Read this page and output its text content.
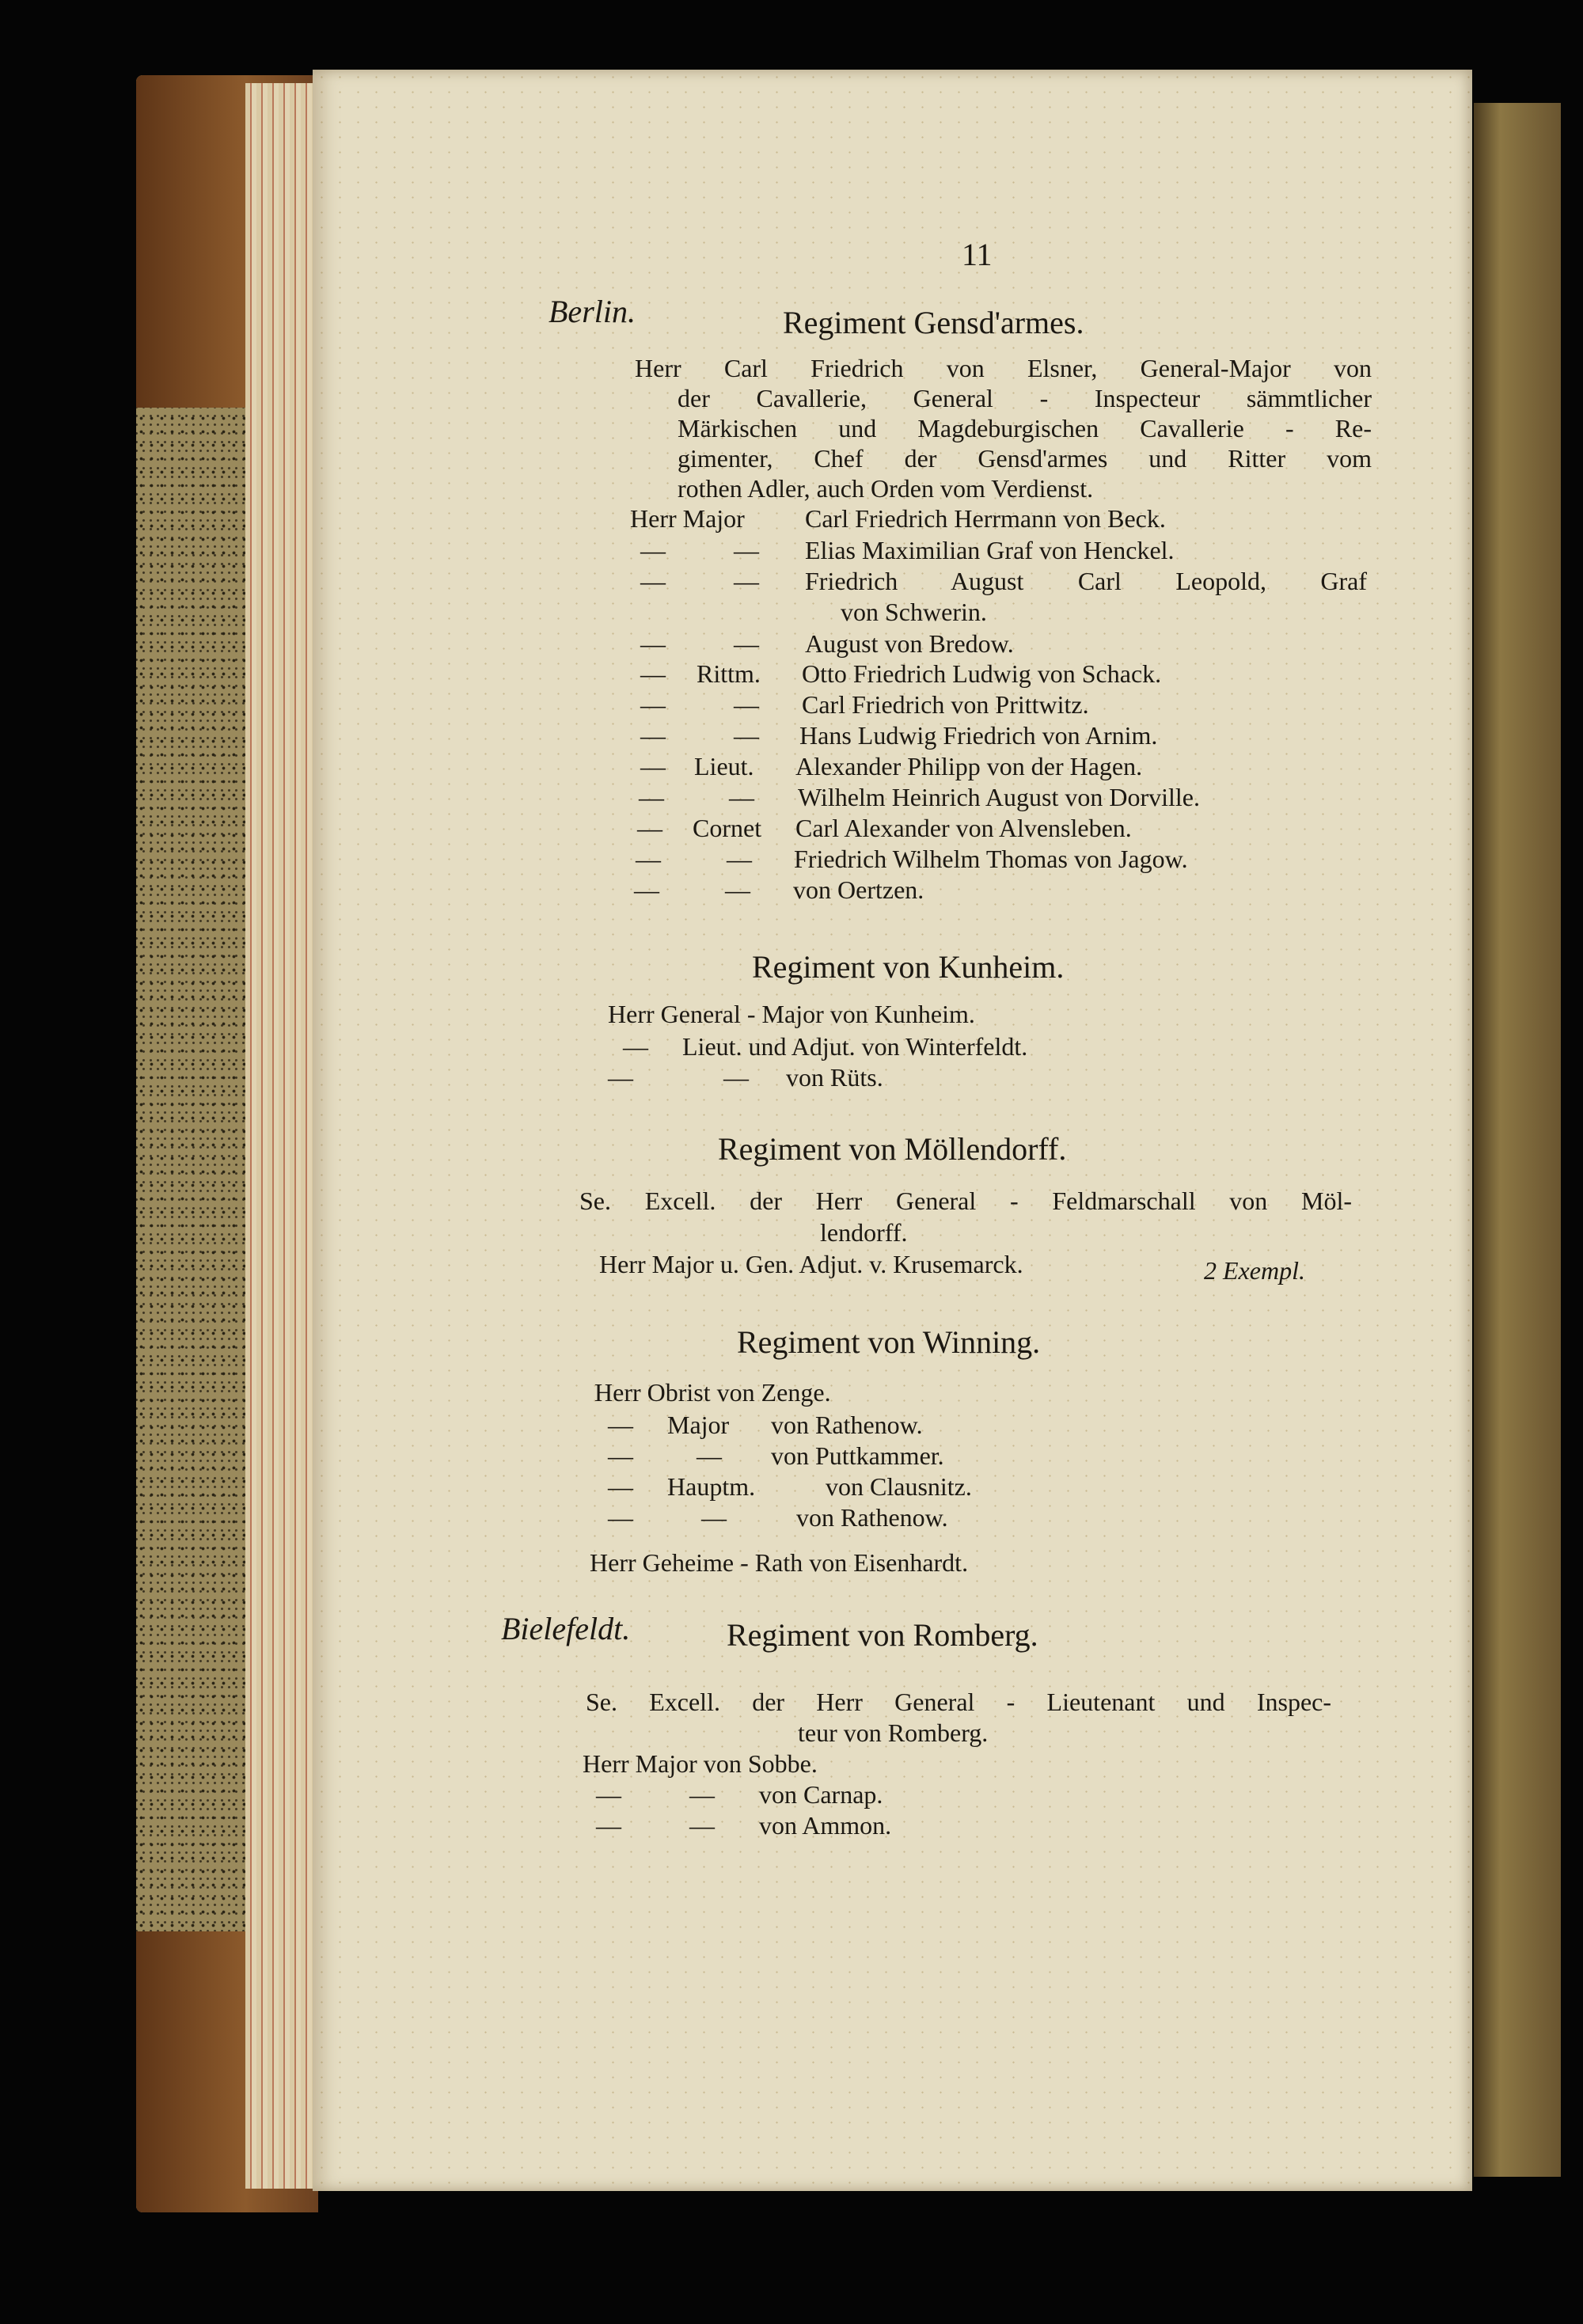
11
Berlin.	Regiment Gensd'armes.
Herr Carl Friedrich von Elsner, General-Major von
der Cavallerie, General - Inspecteur sämmtlicher
Märkischen und Magdeburgischen Cavallerie - Re-
gimenter, Chef der Gensd'armes und Ritter vom
rothen Adler, auch Orden vom Verdienst.
Herr Major Carl Friedrich Herrmann von Beck.
—	— Elias Maximilian Graf von Henckel.
—	— Friedrich August Carl Leopold, Graf
von Schwerin.
—	— August von Bredow.
— Rittm. Otto Friedrich Ludwig von Schack.
—	— Carl Friedrich von Prittwitz.
—	— Hans Ludwig Friedrich von Arnim.
— Lieut. Alexander Philipp von der Hagen.
—	— Wilhelm Heinrich August von Dorville.
— Cornet Carl Alexander von Alvensleben.
—	— Friedrich Wilhelm Thomas von Jagow.
—	— von Oertzen.
Regiment von Kunheim.
Herr General - Major von Kunheim.
— Lieut. und Adjut. von Winterfeldt.
—	— von Rüts.
Regiment von Möllendorff.
Se. Excell. der Herr General - Feldmarschall von Möl-
lendorff.
Herr Major u. Gen. Adjut. v. Krusemarck.	2 Exempl.
Regiment von Winning.
Herr Obrist von Zenge.
— Major von Rathenow.
—	— von Puttkammer.
— Hauptm.	von Clausnitz.
—	—	von Rathenow.
Herr Geheime - Rath von Eisenhardt.
Bielefeldt.	Regiment von Romberg.
Se. Excell. der Herr General - Lieutenant und Inspec-
teur von Romberg.
Herr Major von Sobbe.
—	— von Carnap.
—	— von Ammon.
